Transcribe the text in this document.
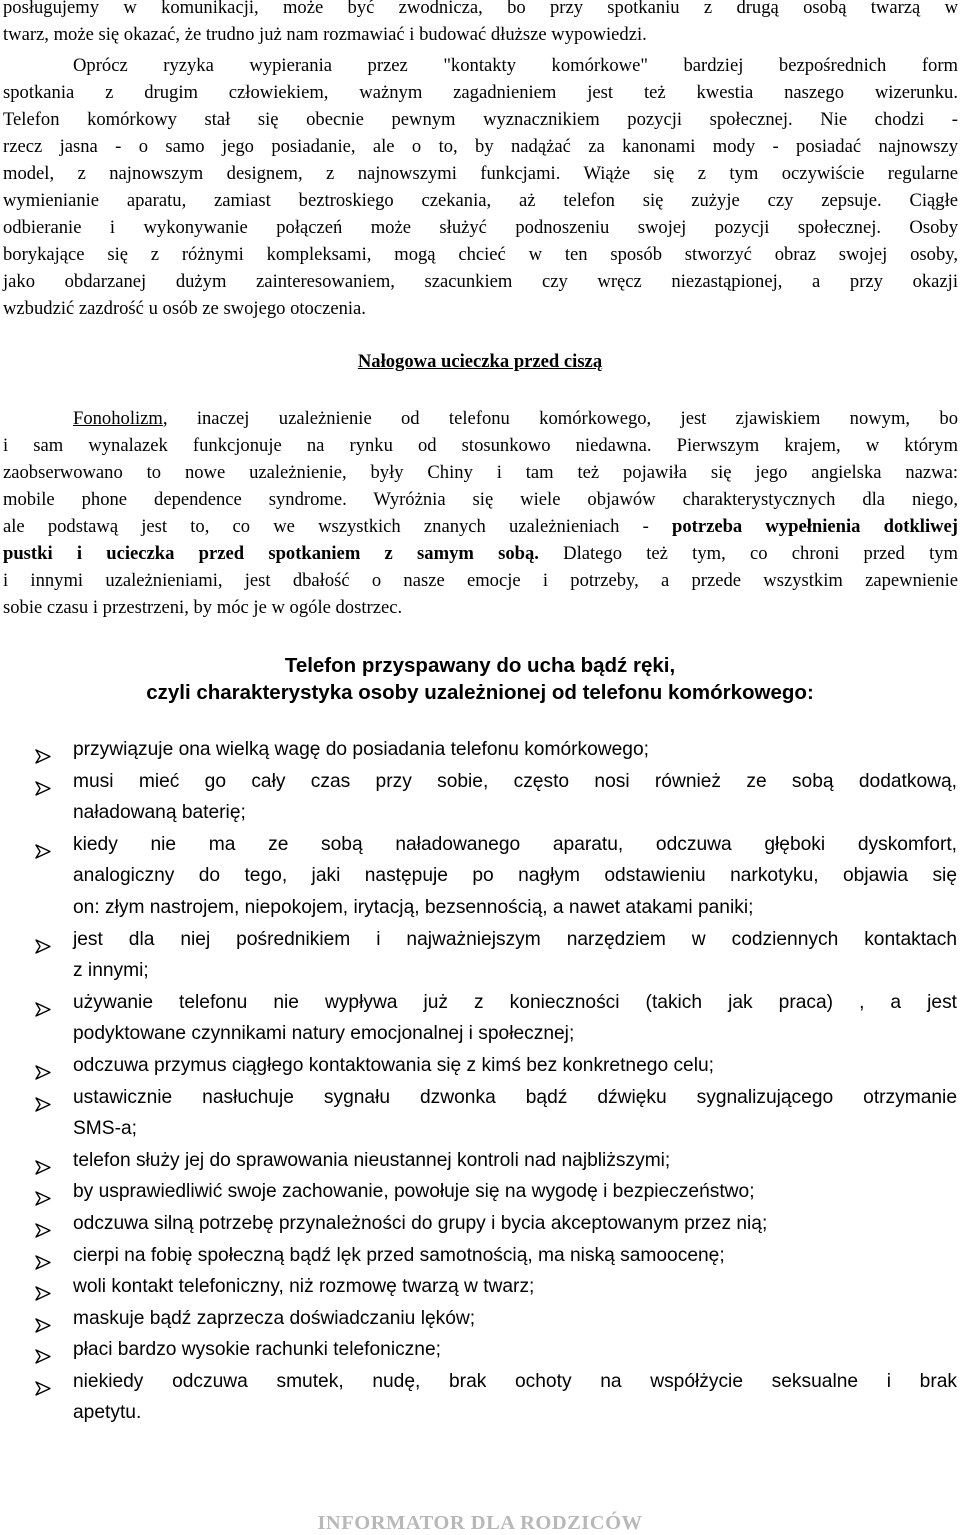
posługujemy w komunikacji, może być zwodnicza, bo przy spotkaniu z drugą osobą twarzą w
twarz, może się okazać, że trudno już nam rozmawiać i budować dłuższe wypowiedzi.

Oprócz ryzyka wypierania przez "kontakty komórkowe" bardziej bezpośrednich form
spotkania z drugim człowiekiem, ważnym zagadnieniem jest też kwestia naszego wizerunku.
Telefon komórkowy stał się obecnie pewnym wyznacznikiem pozycji społecznej. Nie chodzi -
rzecz jasna - o samo jego posiadanie, ale o to, by nadążać za kanonami mody - posiadać najnowszy
model, z najnowszym designem, z najnowszymi funkcjami. Wiąże się z tym oczywiście regularne
wymienianie aparatu, zamiast beztroskiego czekania, aż telefon się zużyje czy zepsuje. Ciągłe
odbieranie i wykonywanie połączeń może służyć podnoszeniu swojej pozycji społecznej. Osoby
borykające się z różnymi kompleksami, mogą chcieć w ten sposób stworzyć obraz swojej osoby,
jako obdarzanej dużym zainteresowaniem, szacunkiem czy wręcz niezastąpionej, a przy okazji
wzbudzić zazdrość u osób ze swojego otoczenia.

Nałogowa ucieczka przed ciszą

Fonoholizm, inaczej uzależnienie od telefonu komórkowego, jest zjawiskiem nowym, bo
i sam wynalazek funkcjonuje na rynku od stosunkowo niedawna. Pierwszym krajem, w którym
zaobserwowano to nowe uzależnienie, były Chiny i tam też pojawiła się jego angielska nazwa:
mobile phone dependence syndrome. Wyróżnia się wiele objawów charakterystycznych dla niego,
ale podstawą jest to, co we wszystkich znanych uzależnieniach - potrzeba wypełnienia dotkliwej
pustki i ucieczka przed spotkaniem z samym sobą. Dlatego też tym, co chroni przed tym
i innymi uzależnieniami, jest dbałość o nasze emocje i potrzeby, a przede wszystkim zapewnienie
sobie czasu i przestrzeni, by móc je w ogóle dostrzec.

Telefon przyspawany do ucha bądź ręki,
czyli charakterystyka osoby uzależnionej od telefonu komórkowego:
przywiązuje ona wielką wagę do posiadania telefonu komórkowego;
musi mieć go cały czas przy sobie, często nosi również ze sobą dodatkową,
naładowaną baterię;
kiedy nie ma ze sobą naładowanego aparatu, odczuwa głęboki dyskomfort,
analogiczny do tego, jaki następuje po nagłym odstawieniu narkotyku, objawia się
on: złym nastrojem, niepokojem, irytacją, bezsennością, a nawet atakami paniki;
jest dla niej pośrednikiem i najważniejszym narzędziem w codziennych kontaktach
z innymi;
używanie telefonu nie wypływa już z konieczności (takich jak praca) , a jest
podyktowane czynnikami natury emocjonalnej i społecznej;
odczuwa przymus ciągłego kontaktowania się z kimś bez konkretnego celu;
ustawicznie nasłuchuje sygnału dzwonka bądź dźwięku sygnalizującego otrzymanie
SMS-a;
telefon służy jej do sprawowania nieustannej kontroli nad najbliższymi;
by usprawiedliwić swoje zachowanie, powołuje się na wygodę i bezpieczeństwo;
odczuwa silną potrzebę przynależności do grupy i bycia akceptowanym przez nią;
cierpi na fobię społeczną bądź lęk przed samotnością, ma niską samoocenę;
woli kontakt telefoniczny, niż rozmowę twarzą w twarz;
maskuje bądź zaprzecza doświadczaniu lęków;
płaci bardzo wysokie rachunki telefoniczne;
niekiedy odczuwa smutek, nudę, brak ochoty na współżycie seksualne i brak
apetytu.
INFORMATOR DLA RODZICÓW
